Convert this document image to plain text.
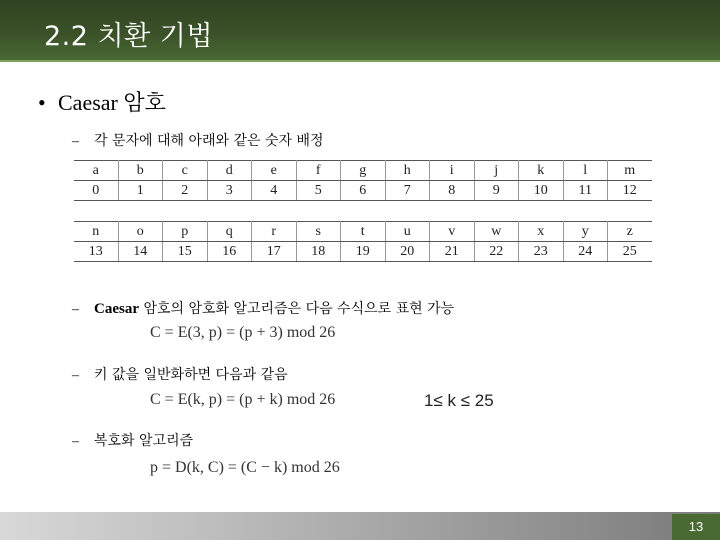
2.2 치환 기법
• Caesar 암호
– 각 문자에 대해 아래와 같은 숫자 배정
a	b	c	d	e	f	g	h	i	j	k	l	m
0	1	2	3	4	5	6	7	8	9	10	11	12
n	o	p	q	r	s	t	u	v	w	x	y	z
13	14	15	16	17	18	19	20	21	22	23	24	25
– Caesar 암호의 암호화 알고리즘은 다음 수식으로 표현 가능
C = E(3, p) = (p + 3) mod 26
– 키 값을 일반화하면 다음과 같음
C = E(k, p) = (p + k) mod 26	1≤ k ≤ 25
– 복호화 알고리즘
p = D(k, C) = (C − k) mod 26
13
